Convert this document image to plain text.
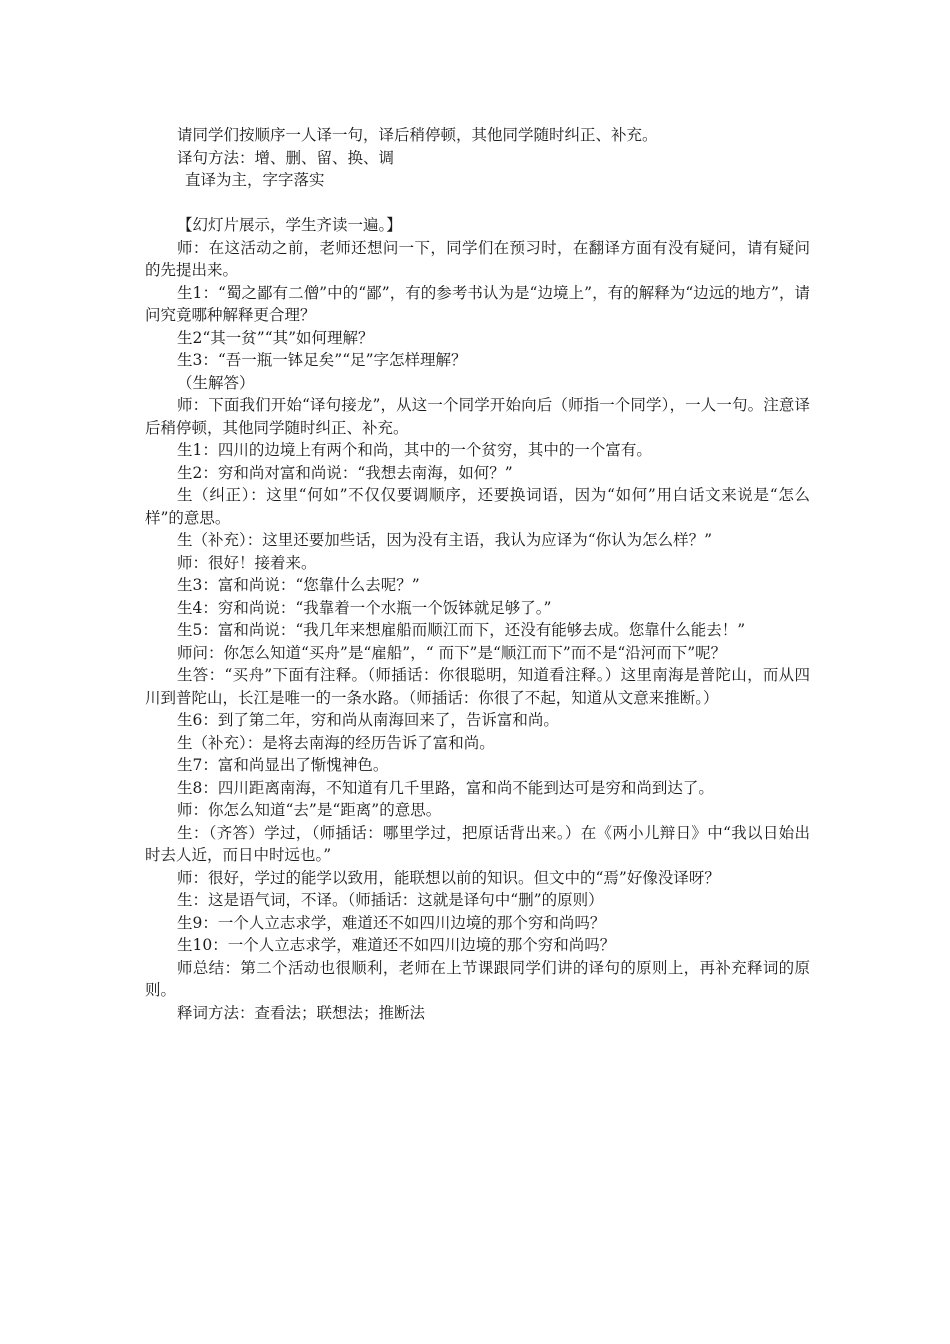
请同学们按顺序一人译一句，译后稍停顿，其他同学随时纠正、补充。

译句方法：增、删、留、换、调

直译为主，字字落实

【幻灯片展示，学生齐读一遍。】

师：在这活动之前，老师还想问一下，同学们在预习时，在翻译方面有没有疑问，请有疑问的先提出来。

生1：“蜀之鄙有二僧”中的“鄙”，有的参考书认为是“边境上”，有的解释为“边远的地方”，请问究竟哪种解释更合理？

生2“其一贫”“其”如何理解？

生3：“吾一瓶一钵足矣”“足”字怎样理解？

（生解答）

师：下面我们开始“译句接龙”，从这一个同学开始向后（师指一个同学），一人一句。注意译后稍停顿，其他同学随时纠正、补充。

生1：四川的边境上有两个和尚，其中的一个贫穷，其中的一个富有。

生2：穷和尚对富和尚说：“我想去南海，如何？”

生（纠正）：这里“何如”不仅仅要调顺序，还要换词语，因为“如何”用白话文来说是“怎么样”的意思。

生（补充）：这里还要加些话，因为没有主语，我认为应译为“你认为怎么样？”

师：很好！接着来。

生3：富和尚说：“您靠什么去呢？”

生4：穷和尚说：“我靠着一个水瓶一个饭钵就足够了。”

生5：富和尚说：“我几年来想雇船而顺江而下，还没有能够去成。您靠什么能去！”

师问：你怎么知道“买舟”是“雇船”，“ 而下”是“顺江而下”而不是“沿河而下”呢？

生答：“买舟”下面有注释。（师插话：你很聪明，知道看注释。）这里南海是普陀山，而从四川到普陀山，长江是唯一的一条水路。（师插话：你很了不起，知道从文意来推断。）

生6：到了第二年，穷和尚从南海回来了，告诉富和尚。

生（补充）：是将去南海的经历告诉了富和尚。

生7：富和尚显出了惭愧神色。

生8：四川距离南海，不知道有几千里路，富和尚不能到达可是穷和尚到达了。

师：你怎么知道“去”是“距离”的意思。

生：（齐答）学过，（师插话：哪里学过，把原话背出来。）在《两小儿辩日》中“我以日始出时去人近，而日中时远也。”

师：很好，学过的能学以致用，能联想以前的知识。但文中的“焉”好像没译呀？

生：这是语气词，不译。（师插话：这就是译句中“删”的原则）

生9：一个人立志求学，难道还不如四川边境的那个穷和尚吗？

生10：一个人立志求学，难道还不如四川边境的那个穷和尚吗？

师总结：第二个活动也很顺利，老师在上节课跟同学们讲的译句的原则上，再补充释词的原则。

释词方法：查看法；联想法；推断法
